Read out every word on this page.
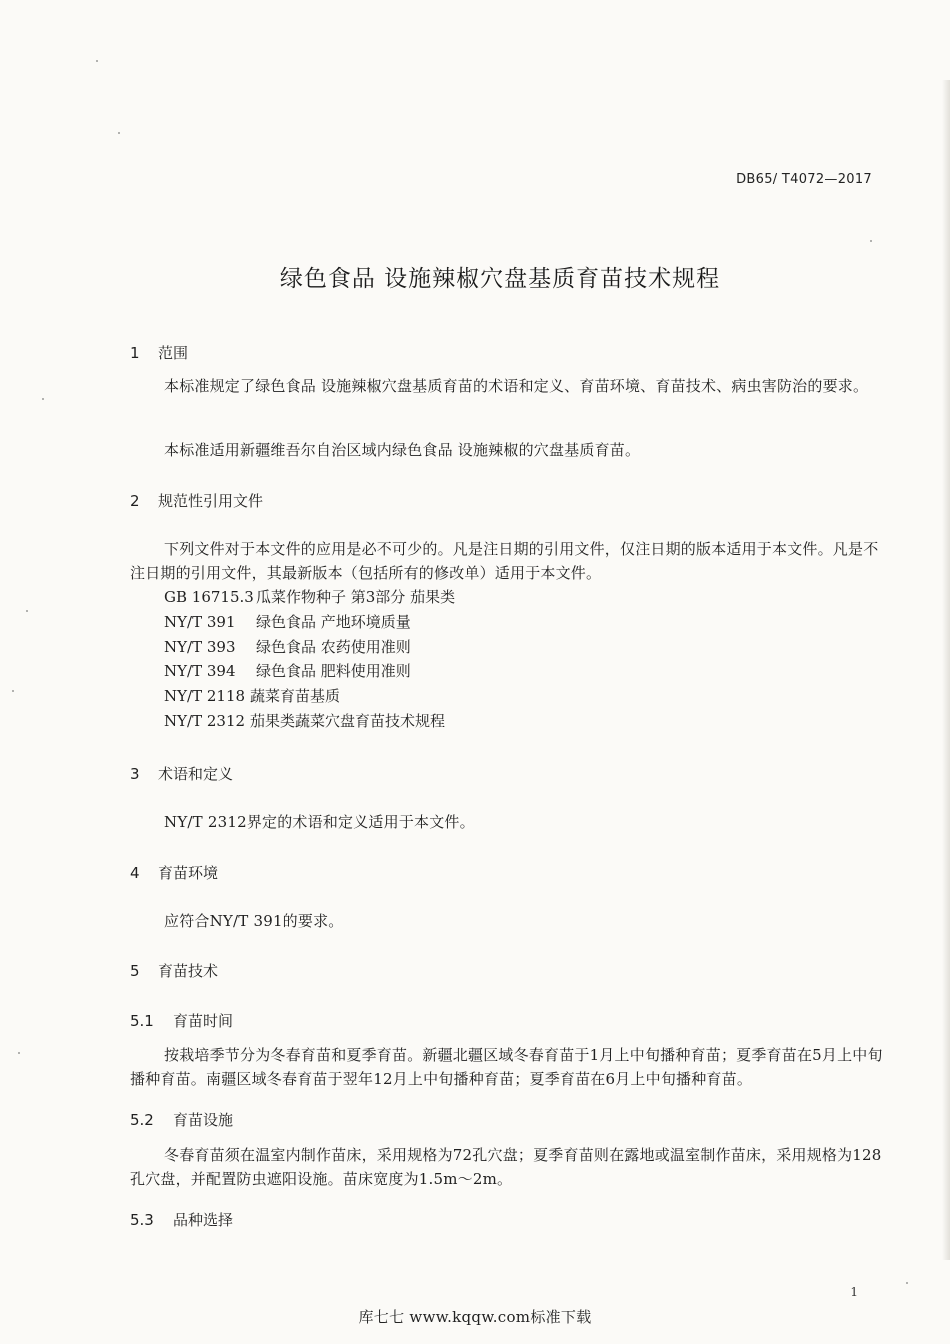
DB65/ T4072—2017
绿色食品 设施辣椒穴盘基质育苗技术规程
1 范围

本标准规定了绿色食品 设施辣椒穴盘基质育苗的术语和定义、育苗环境、育苗技术、病虫害防治的要求。

本标准适用新疆维吾尔自治区域内绿色食品 设施辣椒的穴盘基质育苗。

2 规范性引用文件

下列文件对于本文件的应用是必不可少的。凡是注日期的引用文件，仅注日期的版本适用于本文件。凡是不注日期的引用文件，其最新版本（包括所有的修改单）适用于本文件。

GB 16715.3 瓜菜作物种子 第3部分 茄果类
NY/T 391 绿色食品 产地环境质量
NY/T 393 绿色食品 农药使用准则
NY/T 394 绿色食品 肥料使用准则
NY/T 2118 蔬菜育苗基质
NY/T 2312 茄果类蔬菜穴盘育苗技术规程
3 术语和定义

NY/T 2312界定的术语和定义适用于本文件。

4 育苗环境

应符合NY/T 391的要求。

5 育苗技术
5.1 育苗时间

按栽培季节分为冬春育苗和夏季育苗。新疆北疆区域冬春育苗于1月上中旬播种育苗；夏季育苗在5月上中旬播种育苗。南疆区域冬春育苗于翌年12月上中旬播种育苗；夏季育苗在6月上中旬播种育苗。

5.2 育苗设施

冬春育苗须在温室内制作苗床，采用规格为72孔穴盘；夏季育苗则在露地或温室制作苗床，采用规格为128孔穴盘，并配置防虫遮阳设施。苗床宽度为1.5m～2m。

5.3 品种选择
1
库七七 www.kqqw.com标准下载
